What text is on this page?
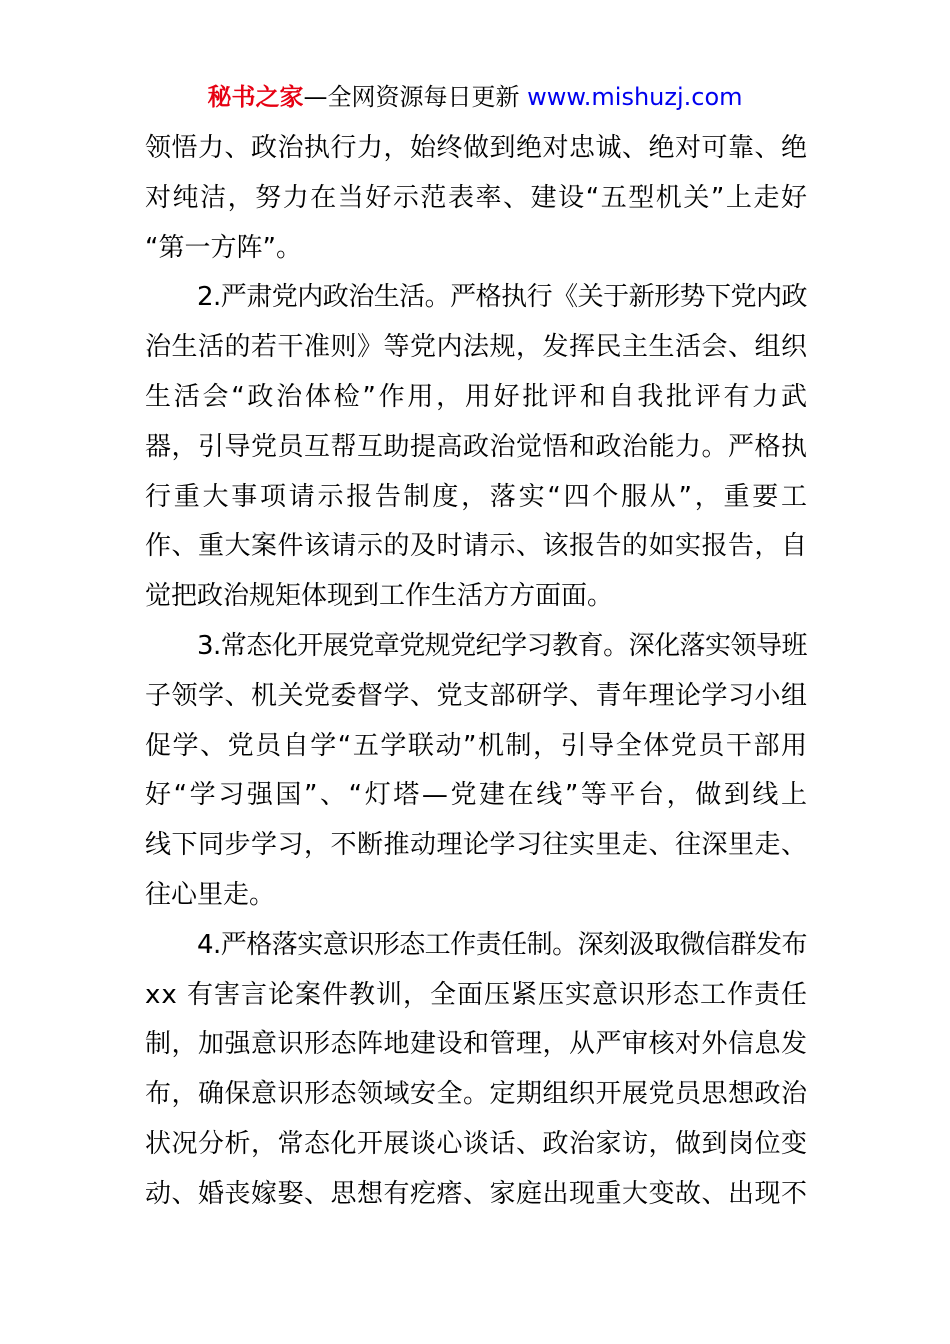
秘书之家—全网资源每日更新 www.mishuzj.com
领悟力、政治执行力，始终做到绝对忠诚、绝对可靠、绝
对纯洁，努力在当好示范表率、建设“五型机关”上走好
“第一方阵”。
2.严肃党内政治生活。严格执行《关于新形势下党内政
治生活的若干准则》等党内法规，发挥民主生活会、组织
生活会“政治体检”作用，用好批评和自我批评有力武
器，引导党员互帮互助提高政治觉悟和政治能力。严格执
行重大事项请示报告制度，落实“四个服从”，重要工
作、重大案件该请示的及时请示、该报告的如实报告，自
觉把政治规矩体现到工作生活方方面面。
3.常态化开展党章党规党纪学习教育。深化落实领导班
子领学、机关党委督学、党支部研学、青年理论学习小组
促学、党员自学“五学联动”机制，引导全体党员干部用
好“学习强国”、“灯塔—党建在线”等平台，做到线上
线下同步学习，不断推动理论学习往实里走、往深里走、
往心里走。
4.严格落实意识形态工作责任制。深刻汲取微信群发布
xx 有害言论案件教训，全面压紧压实意识形态工作责任
制，加强意识形态阵地建设和管理，从严审核对外信息发
布，确保意识形态领域安全。定期组织开展党员思想政治
状况分析，常态化开展谈心谈话、政治家访，做到岗位变
动、婚丧嫁娶、思想有疙瘩、家庭出现重大变故、出现不
